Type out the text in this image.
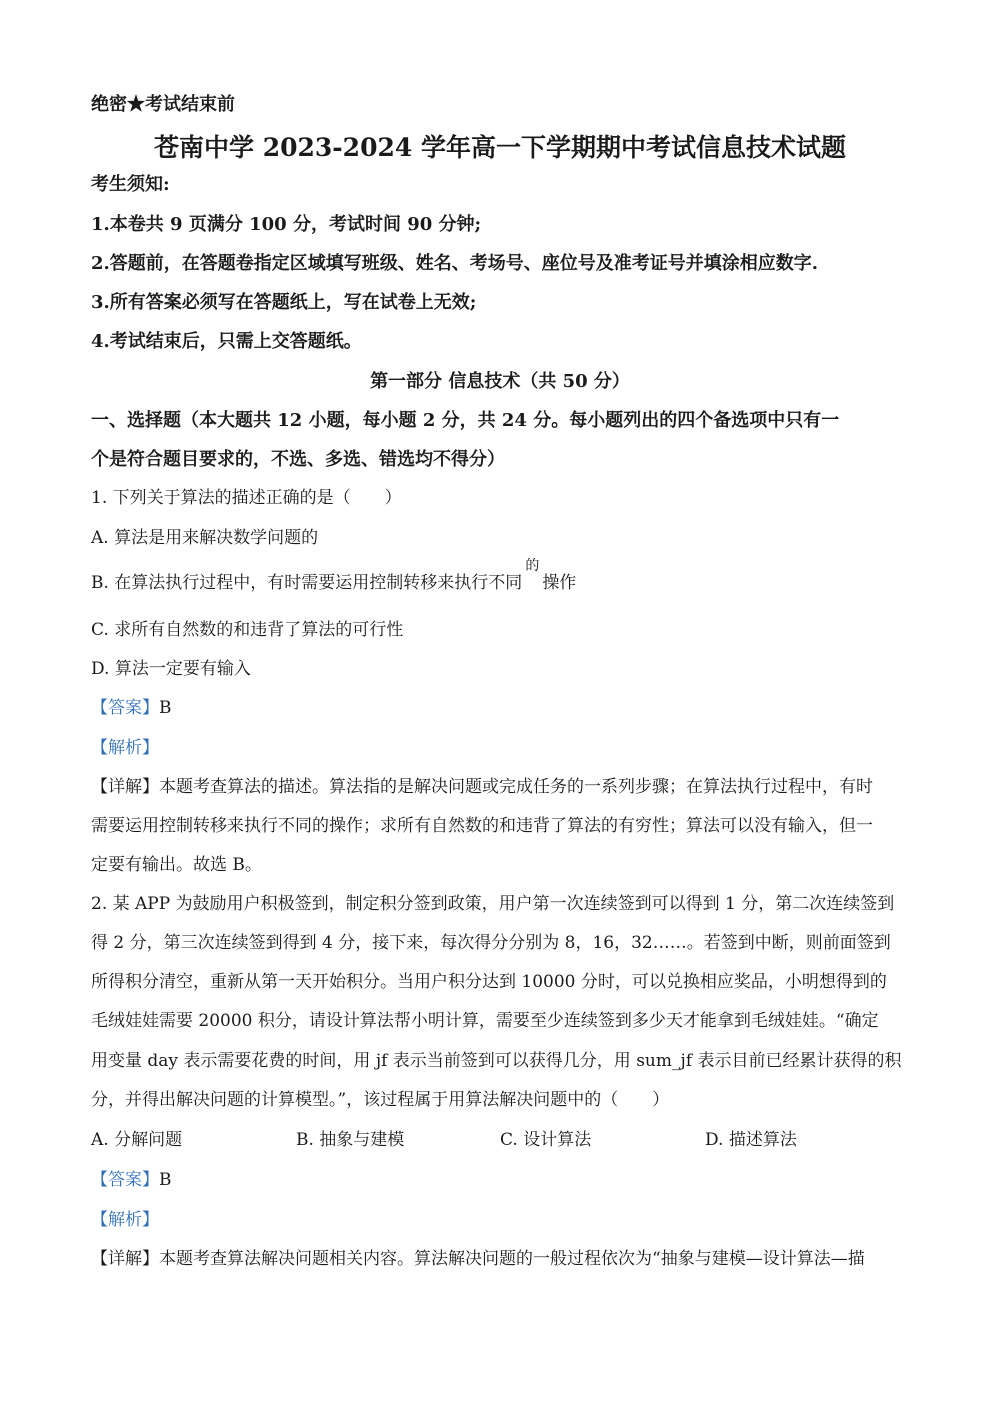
绝密★考试结束前
苍南中学 2023-2024 学年高一下学期期中考试信息技术试题
考生须知:
1.本卷共 9 页满分 100 分，考试时间 90 分钟;
2.答题前，在答题卷指定区域填写班级、姓名、考场号、座位号及准考证号并填涂相应数字.
3.所有答案必须写在答题纸上，写在试卷上无效;
4.考试结束后，只需上交答题纸。
第一部分 信息技术（共 50 分）
一、选择题（本大题共 12 小题，每小题 2 分，共 24 分。每小题列出的四个备选项中只有一
个是符合题目要求的，不选、多选、错选均不得分）
1. 下列关于算法的描述正确的是（　　）
A. 算法是用来解决数学问题的
B. 在算法执行过程中，有时需要运用控制转移来执行不同$^的$操作
C. 求所有自然数的和违背了算法的可行性
D. 算法一定要有输入
【答案】B
【解析】
【详解】本题考查算法的描述。算法指的是解决问题或完成任务的一系列步骤；在算法执行过程中，有时
需要运用控制转移来执行不同的操作；求所有自然数的和违背了算法的有穷性；算法可以没有输入，但一
定要有输出。故选 B。
2. 某 APP 为鼓励用户积极签到，制定积分签到政策，用户第一次连续签到可以得到 1 分，第二次连续签到
得 2 分，第三次连续签到得到 4 分，接下来，每次得分分别为 8，16，32……。若签到中断，则前面签到
所得积分清空，重新从第一天开始积分。当用户积分达到 10000 分时，可以兑换相应奖品，小明想得到的
毛绒娃娃需要 20000 积分，请设计算法帮小明计算，需要至少连续签到多少天才能拿到毛绒娃娃。“确定
用变量 day 表示需要花费的时间，用 jf 表示当前签到可以获得几分，用 sum_jf 表示目前已经累计获得的积
分，并得出解决问题的计算模型。”，该过程属于用算法解决问题中的（　　）
A. 分解问题	B. 抽象与建模	C. 设计算法	D. 描述算法
【答案】B
【解析】
【详解】本题考查算法解决问题相关内容。算法解决问题的一般过程依次为“抽象与建模—设计算法—描
